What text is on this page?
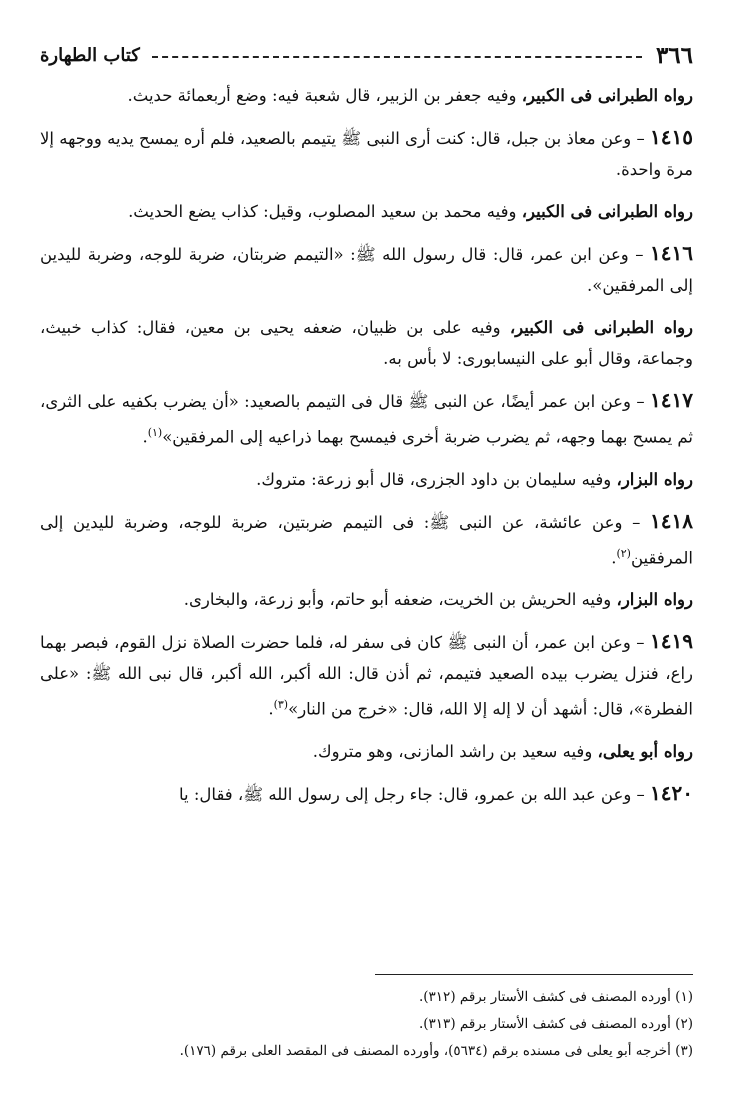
٣٦٦
كتاب الطهارة

رواه الطبرانى فى الكبير، وفيه جعفر بن الزبير، قال شعبة فيه: وضع أربعمائة حديث.

١٤١٥ – وعن معاذ بن جبل، قال: كنت أرى النبى ﷺ يتيمم بالصعيد، فلم أره يمسح يديه ووجهه إلا مرة واحدة.

رواه الطبرانى فى الكبير، وفيه محمد بن سعيد المصلوب، وقيل: كذاب يضع الحديث.

١٤١٦ – وعن ابن عمر، قال: قال رسول الله ﷺ: «التيمم ضربتان، ضربة للوجه، وضربة لليدين إلى المرفقين».

رواه الطبرانى فى الكبير، وفيه على بن ظبيان، ضعفه يحيى بن معين، فقال: كذاب خبيث، وجماعة، وقال أبو على النيسابورى: لا بأس به.

١٤١٧ – وعن ابن عمر أيضًا، عن النبى ﷺ قال فى التيمم بالصعيد: «أن يضرب بكفيه على الثرى، ثم يمسح بهما وجهه، ثم يضرب ضربة أخرى فيمسح بهما ذراعيه إلى المرفقين»$^{(١)}$.

رواه البزار، وفيه سليمان بن داود الجزرى، قال أبو زرعة: متروك.

١٤١٨ – وعن عائشة، عن النبى ﷺ: فى التيمم ضربتين، ضربة للوجه، وضربة لليدين إلى المرفقين$^{(٢)}$.

رواه البزار، وفيه الحريش بن الخريت، ضعفه أبو حاتم، وأبو زرعة، والبخارى.

١٤١٩ – وعن ابن عمر، أن النبى ﷺ كان فى سفر له، فلما حضرت الصلاة نزل القوم، فبصر بهما راع، فنزل يضرب بيده الصعيد فتيمم، ثم أذن قال: الله أكبر، الله أكبر، قال نبى الله ﷺ: «على الفطرة»، قال: أشهد أن لا إله إلا الله، قال: «خرج من النار»$^{(٣)}$.

رواه أبو يعلى، وفيه سعيد بن راشد المازنى، وهو متروك.

١٤٢٠ – وعن عبد الله بن عمرو، قال: جاء رجل إلى رسول الله ﷺ، فقال: يا

(١) أورده المصنف فى كشف الأستار برقم (٣١٢).
(٢) أورده المصنف فى كشف الأستار برقم (٣١٣).
(٣) أخرجه أبو يعلى فى مسنده برقم (٥٦٣٤)، وأورده المصنف فى المقصد العلى برقم (١٧٦).
